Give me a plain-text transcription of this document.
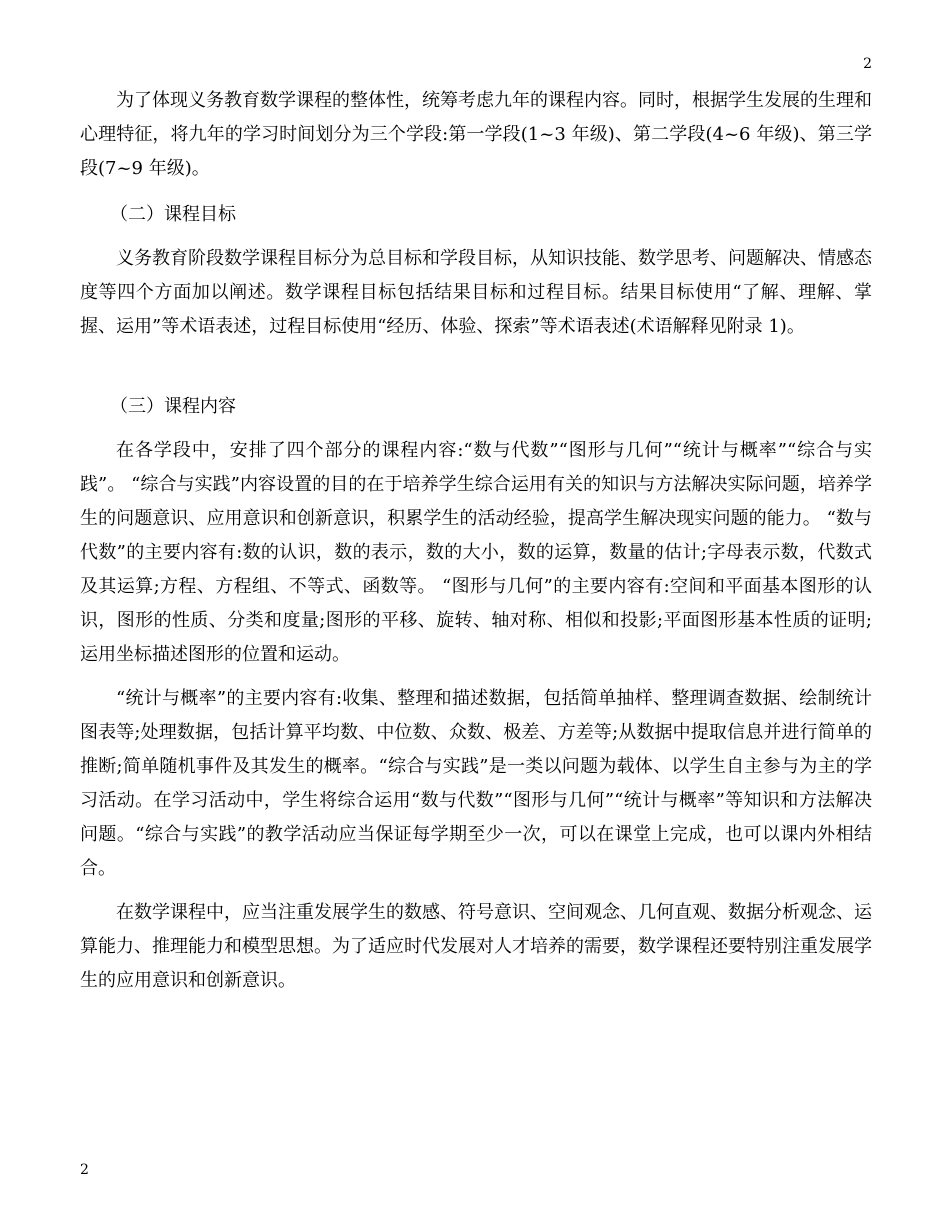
2

为了体现义务教育数学课程的整体性，统筹考虑九年的课程内容。同时，根据学生发展的生理和心理特征，将九年的学习时间划分为三个学段:第一学段(1~3 年级)、第二学段(4~6 年级)、第三学段(7~9 年级)。

（二）课程目标

义务教育阶段数学课程目标分为总目标和学段目标，从知识技能、数学思考、问题解决、情感态度等四个方面加以阐述。数学课程目标包括结果目标和过程目标。结果目标使用“了解、理解、掌握、运用”等术语表述，过程目标使用“经历、体验、探索”等术语表述(术语解释见附录 1)。

（三）课程内容

在各学段中，安排了四个部分的课程内容:“数与代数”“图形与几何”“统计与概率”“综合与实践”。 “综合与实践”内容设置的目的在于培养学生综合运用有关的知识与方法解决实际问题，培养学生的问题意识、应用意识和创新意识，积累学生的活动经验，提高学生解决现实问题的能力。 “数与代数”的主要内容有:数的认识，数的表示，数的大小，数的运算，数量的估计;字母表示数，代数式及其运算;方程、方程组、不等式、函数等。 “图形与几何”的主要内容有:空间和平面基本图形的认识，图形的性质、分类和度量;图形的平移、旋转、轴对称、相似和投影;平面图形基本性质的证明;运用坐标描述图形的位置和运动。

“统计与概率”的主要内容有:收集、整理和描述数据，包括简单抽样、整理调查数据、绘制统计图表等;处理数据，包括计算平均数、中位数、众数、极差、方差等;从数据中提取信息并进行简单的推断;简单随机事件及其发生的概率。“综合与实践”是一类以问题为载体、以学生自主参与为主的学习活动。在学习活动中，学生将综合运用“数与代数”“图形与几何”“统计与概率”等知识和方法解决问题。“综合与实践”的教学活动应当保证每学期至少一次，可以在课堂上完成，也可以课内外相结合。

在数学课程中，应当注重发展学生的数感、符号意识、空间观念、几何直观、数据分析观念、运算能力、推理能力和模型思想。为了适应时代发展对人才培养的需要，数学课程还要特别注重发展学生的应用意识和创新意识。

2
